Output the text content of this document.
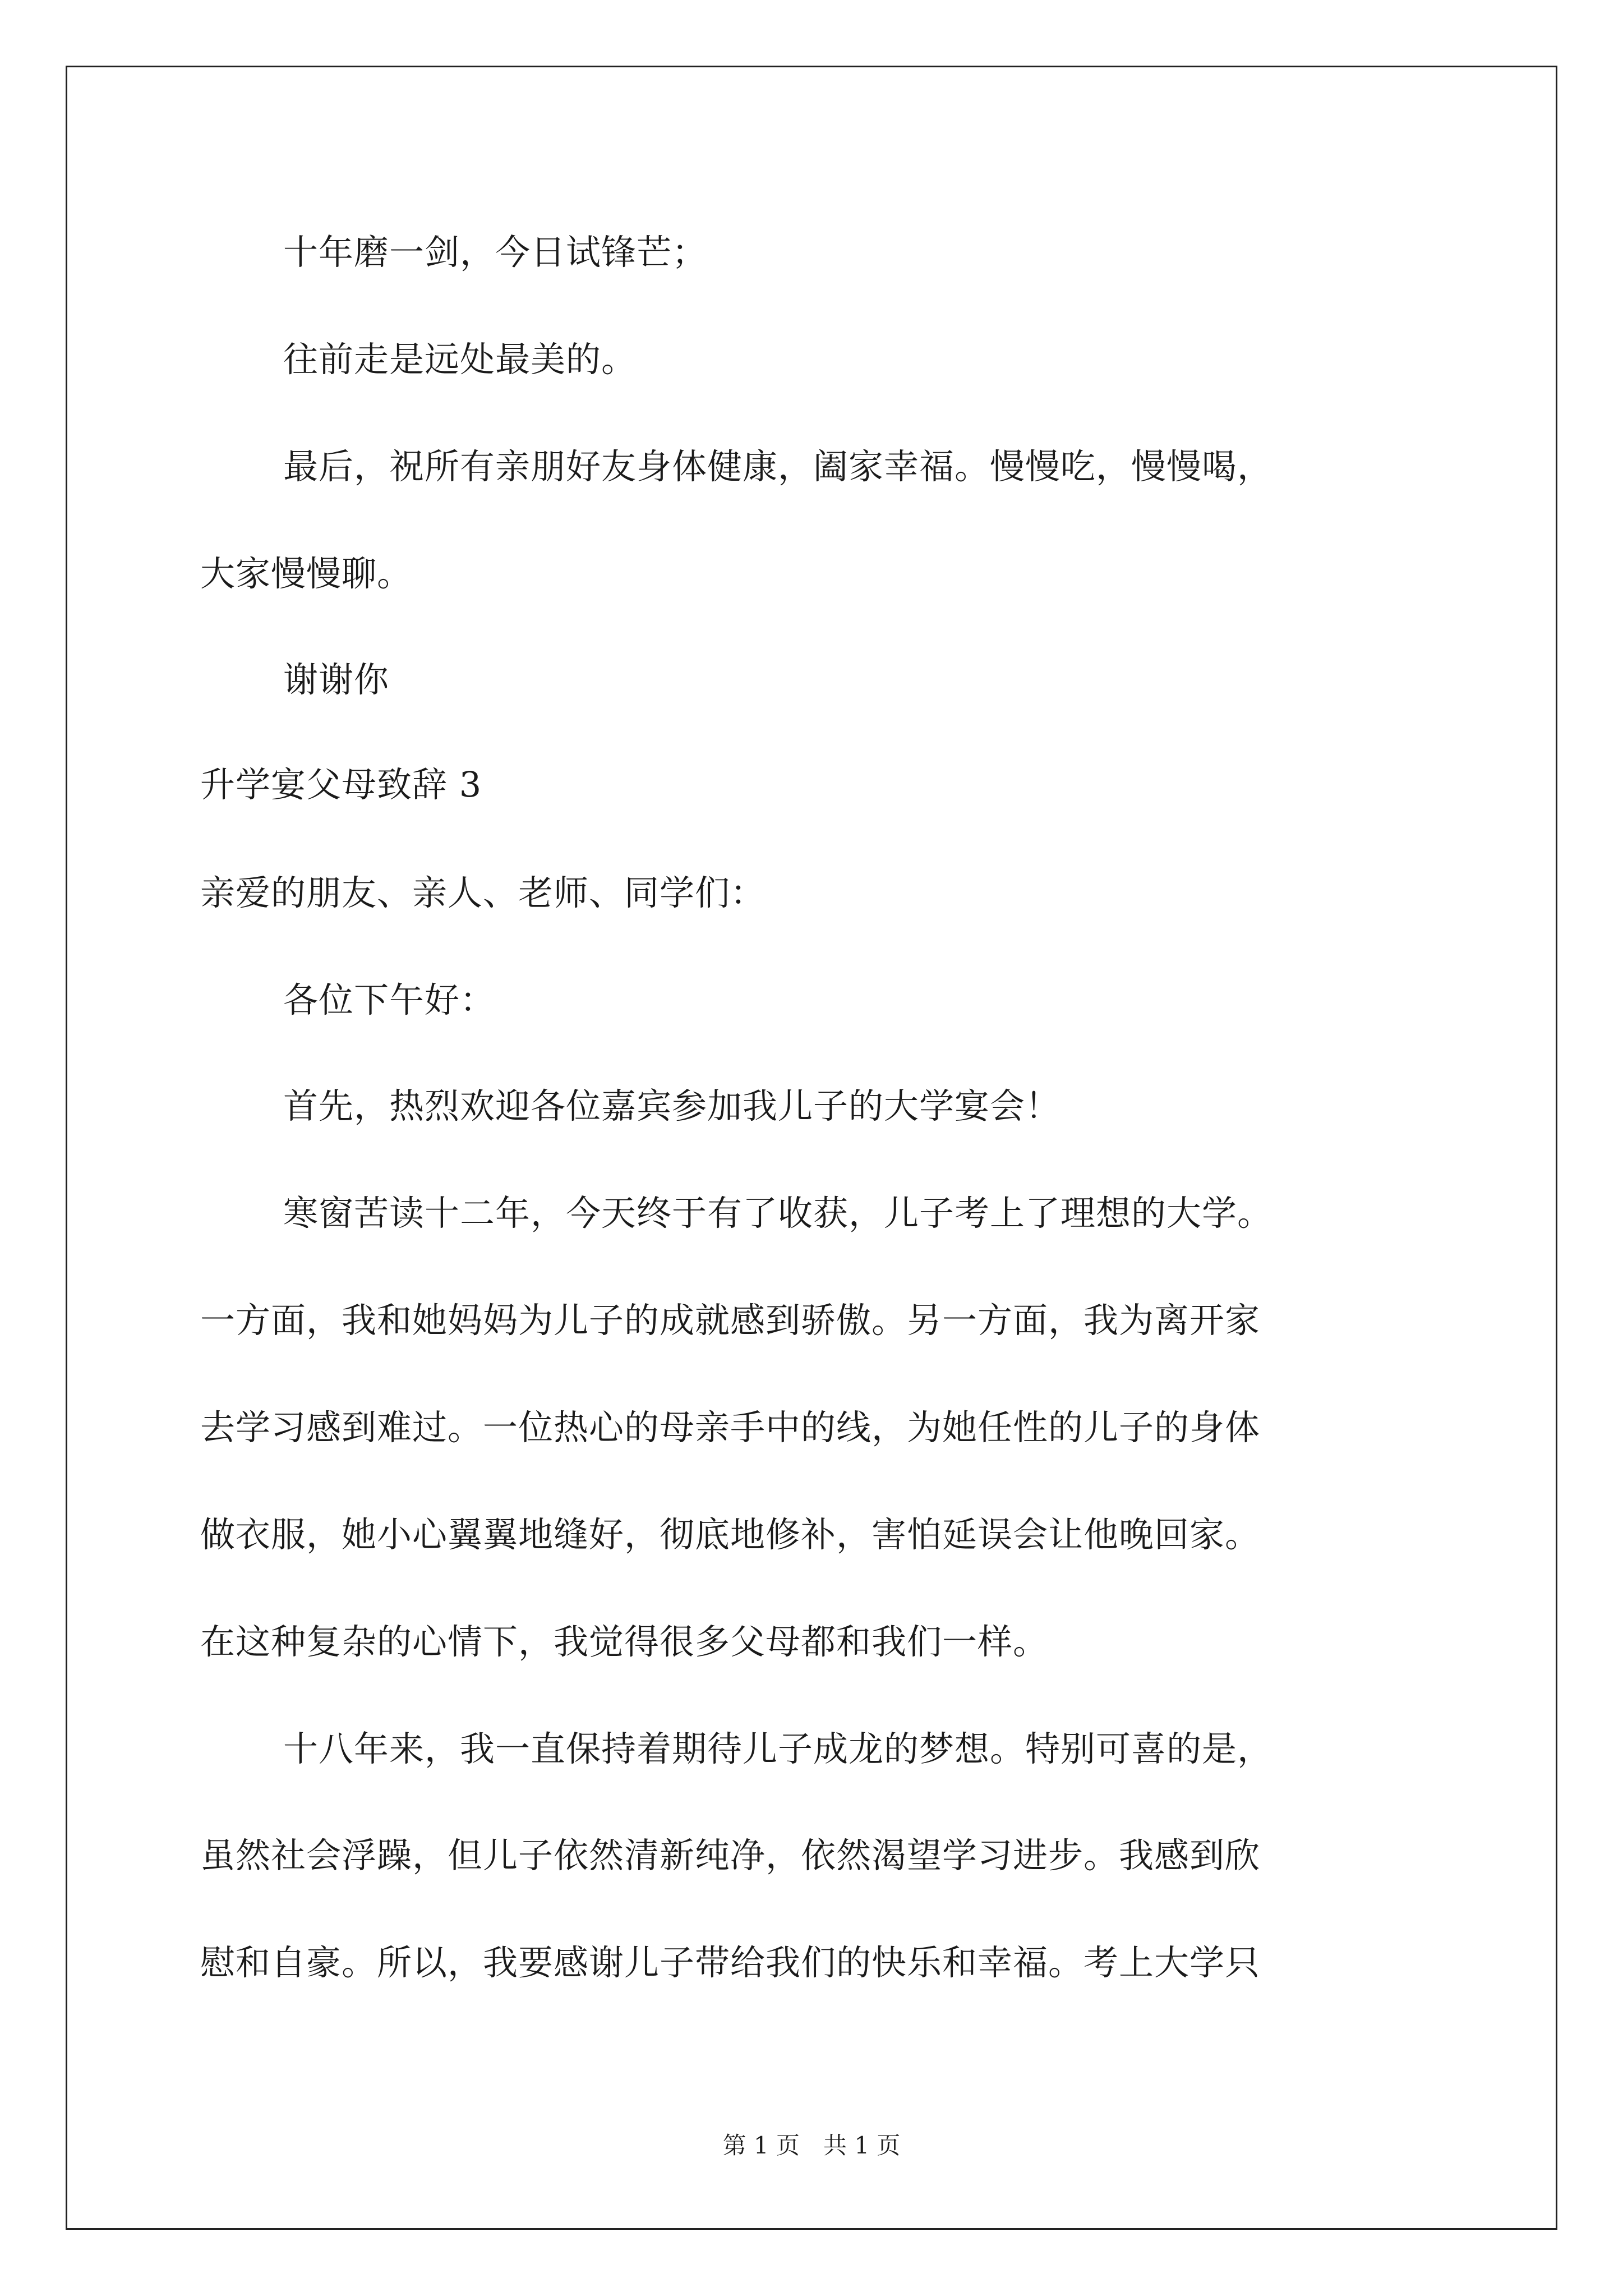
十年磨一剑，今日试锋芒；

往前走是远处最美的。

最后，祝所有亲朋好友身体健康，阖家幸福。慢慢吃，慢慢喝，

大家慢慢聊。

谢谢你

升学宴父母致辞 3

亲爱的朋友、亲人、老师、同学们：

各位下午好：

首先，热烈欢迎各位嘉宾参加我儿子的大学宴会！

寒窗苦读十二年，今天终于有了收获，儿子考上了理想的大学。

一方面，我和她妈妈为儿子的成就感到骄傲。另一方面，我为离开家

去学习感到难过。一位热心的母亲手中的线，为她任性的儿子的身体

做衣服，她小心翼翼地缝好，彻底地修补，害怕延误会让他晚回家。

在这种复杂的心情下，我觉得很多父母都和我们一样。

十八年来，我一直保持着期待儿子成龙的梦想。特别可喜的是，

虽然社会浮躁，但儿子依然清新纯净，依然渴望学习进步。我感到欣

慰和自豪。所以，我要感谢儿子带给我们的快乐和幸福。考上大学只

第 1 页　共 1 页
